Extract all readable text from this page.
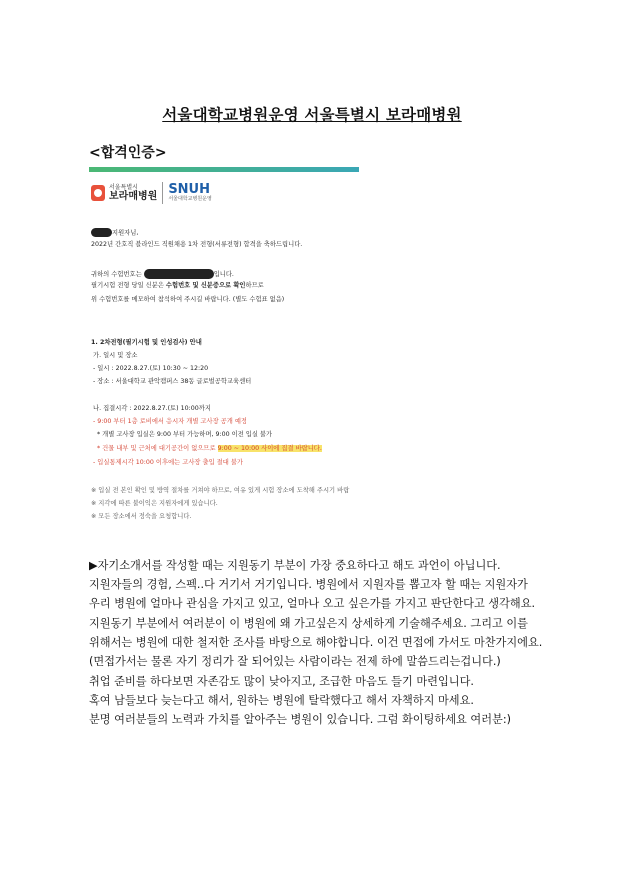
서울대학교병원운영 서울특별시 보라매병원
<합격인증>
서울특별시
보라매병원 SNUH
서울대학교병원운영
지원자님,
2022년 간호직 블라인드 직원채용 1차 전형(서류전형) 합격을 축하드립니다.
귀하의 수험번호는	입니다.
필기시험 전형 당일 신분은 수험번호 및 신분증으로 확인하므로
위 수험번호를 메모하여 참석하여 주시길 바랍니다. (별도 수험표 없음)
1. 2차전형(필기시험 및 인성검사) 안내
가. 일시 및 장소
- 일시 : 2022.8.27.(토) 10:30 ~ 12:20
- 장소 : 서울대학교 관악캠퍼스 38동 글로벌공학교육센터
나. 집결시각 : 2022.8.27.(토) 10:00까지
- 9:00 부터 1층 로비에서 응시자 개별 고사장 공개 예정
* 개별 고사장 입실은 9:00 부터 가능하며, 9:00 이전 입실 불가
* 건물 내부 및 근처에 대기공간이 없으므로 9:00 ~ 10:00 사이에 집결 바랍니다.
- 입실통제시각 10:00 이후에는 고사장 출입 절대 불가
※ 입실 전 본인 확인 및 방역 절차를 거쳐야 하므로, 여유 있게 시험 장소에 도착해 주시기 바랍
※ 지각에 따른 불이익은 지원자에게 있습니다.
※ 모든 장소에서 정숙을 요청합니다.
▶자기소개서를 작성할 때는 지원동기 부분이 가장 중요하다고 해도 과언이 아닙니다.
지원자들의 경험, 스펙..다 거기서 거기입니다. 병원에서 지원자를 뽑고자 할 때는 지원자가
우리 병원에 얼마나 관심을 가지고 있고, 얼마나 오고 싶은가를 가지고 판단한다고 생각해요.
지원동기 부분에서 여러분이 이 병원에 왜 가고싶은지 상세하게 기술해주세요. 그리고 이를
위해서는 병원에 대한 철저한 조사를 바탕으로 해야합니다. 이건 면접에 가서도 마찬가지에요.
(면접가서는 물론 자기 정리가 잘 되어있는 사람이라는 전제 하에 말씀드리는겁니다.)
취업 준비를 하다보면 자존감도 많이 낮아지고, 조급한 마음도 들기 마련입니다.
혹여 남들보다 늦는다고 해서, 원하는 병원에 탈락했다고 해서 자책하지 마세요.
분명 여러분들의 노력과 가치를 알아주는 병원이 있습니다. 그럼 화이팅하세요 여러분:)
